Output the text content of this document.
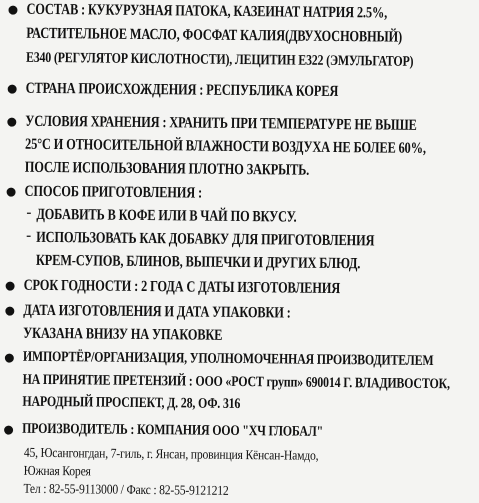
СОСТАВ : КУКУРУЗНАЯ ПАТОКА, КАЗЕИНАТ НАТРИЯ 2.5%,
РАСТИТЕЛЬНОЕ МАСЛО, ФОСФАТ КАЛИЯ(ДВУХОСНОВНЫЙ)
Е340 (РЕГУЛЯТОР КИСЛОТНОСТИ), ЛЕЦИТИН Е322 (ЭМУЛЬГАТОР)
СТРАНА ПРОИСХОЖДЕНИЯ : РЕСПУБЛИКА КОРЕЯ
УСЛОВИЯ ХРАНЕНИЯ : ХРАНИТЬ ПРИ ТЕМПЕРАТУРЕ НЕ ВЫШЕ
25°С И ОТНОСИТЕЛЬНОЙ ВЛАЖНОСТИ ВОЗДУХА НЕ БОЛЕЕ 60%,
ПОСЛЕ ИСПОЛЬЗОВАНИЯ ПЛОТНО ЗАКРЫТЬ.
СПОСОБ ПРИГОТОВЛЕНИЯ :
- ДОБАВИТЬ В КОФЕ ИЛИ В ЧАЙ ПО ВКУСУ.
- ИСПОЛЬЗОВАТЬ КАК ДОБАВКУ ДЛЯ ПРИГОТОВЛЕНИЯ
КРЕМ-СУПОВ, БЛИНОВ, ВЫПЕЧКИ И ДРУГИХ БЛЮД.
СРОК ГОДНОСТИ : 2 ГОДА С ДАТЫ ИЗГОТОВЛЕНИЯ
ДАТА ИЗГОТОВЛЕНИЯ И ДАТА УПАКОВКИ :
УКАЗАНА ВНИЗУ НА УПАКОВКЕ
ИМПОРТЁР/ОРГАНИЗАЦИЯ, УПОЛНОМОЧЕННАЯ ПРОИЗВОДИТЕЛЕМ
НА ПРИНЯТИЕ ПРЕТЕНЗИЙ : ООО «РОСТ групп» 690014 Г. ВЛАДИВОСТОК,
НАРОДНЫЙ ПРОСПЕКТ, Д. 28, ОФ. 316
ПРОИЗВОДИТЕЛЬ : КОМПАНИЯ ООО "ХЧ ГЛОБАЛ"
45, Юсангонгдан, 7-гиль, г. Янсан, провинция Кёнсан-Намдо,
Южная Корея
Тел : 82-55-9113000 / Факс : 82-55-9121212
